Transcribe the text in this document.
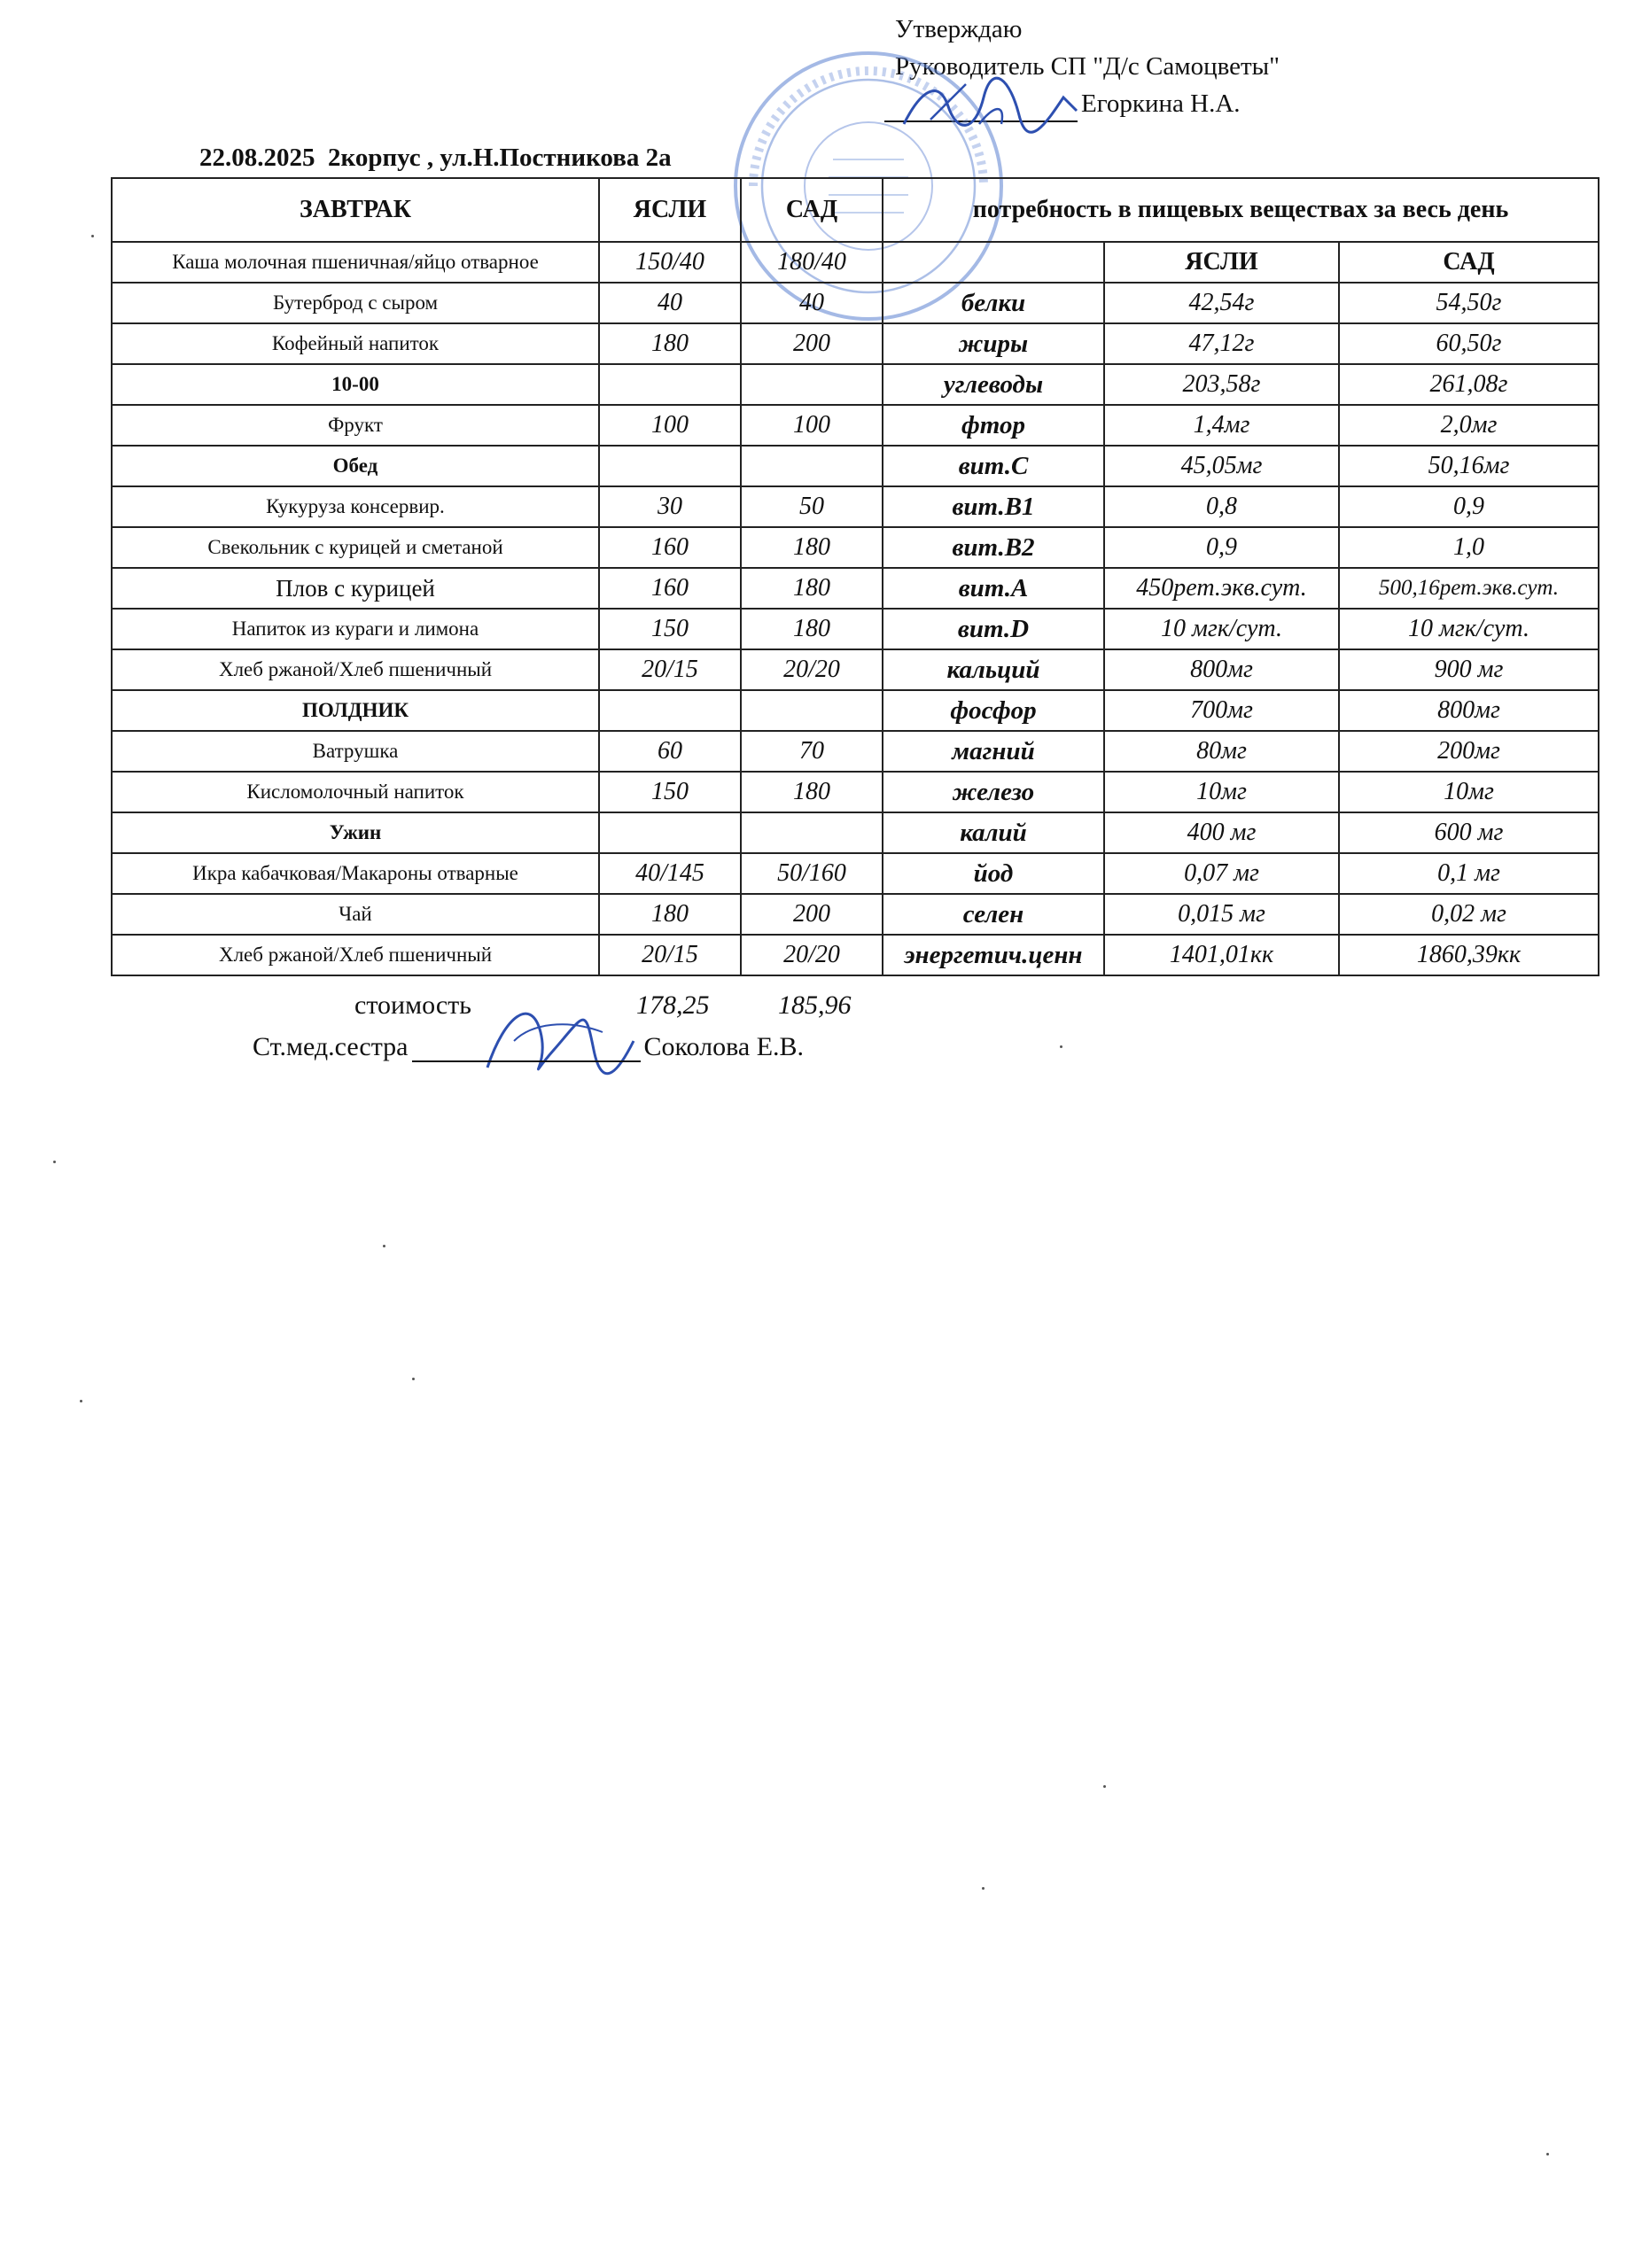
Утверждаю
Руководитель СП "Д/с Самоцветы"
Егоркина Н.А.
22.08.2025 2корпус , ул.Н.Постникова 2а
ЗАВТРАК	ЯСЛИ	САД	потребность в пищевых веществах за весь день		
Каша молочная пшеничная/яйцо отварное	150/40	180/40		ЯСЛИ	САД
Бутерброд с сыром	40	40	белки	42,54г	54,50г
Кофейный напиток	180	200	жиры	47,12г	60,50г
10-00			углеводы	203,58г	261,08г
Фрукт	100	100	фтор	1,4мг	2,0мг
Обед			вит.С	45,05мг	50,16мг
Кукуруза консервир.	30	50	вит.В1	0,8	0,9
Свекольник с курицей и сметаной	160	180	вит.В2	0,9	1,0
Плов с курицей	160	180	вит.А	450рет.экв.сут.	500,16рет.экв.сут.
Напиток из кураги и лимона	150	180	вит.D	10 мгк/сут.	10 мгк/сут.
Хлеб ржаной/Хлеб пшеничный	20/15	20/20	кальций	800мг	900 мг
ПОЛДНИК			фосфор	700мг	800мг
Ватрушка	60	70	магний	80мг	200мг
Кисломолочный напиток	150	180	железо	10мг	10мг
Ужин			калий	400 мг	600 мг
Икра кабачковая/Макароны отварные	40/145	50/160	йод	0,07 мг	0,1 мг
Чай	180	200	селен	0,015 мг	0,02 мг
Хлеб ржаной/Хлеб пшеничный	20/15	20/20	энергетич.ценн	1401,01кк	1860,39кк
стоимость	178,25	185,96
Ст.мед.сестра	Соколова Е.В.
